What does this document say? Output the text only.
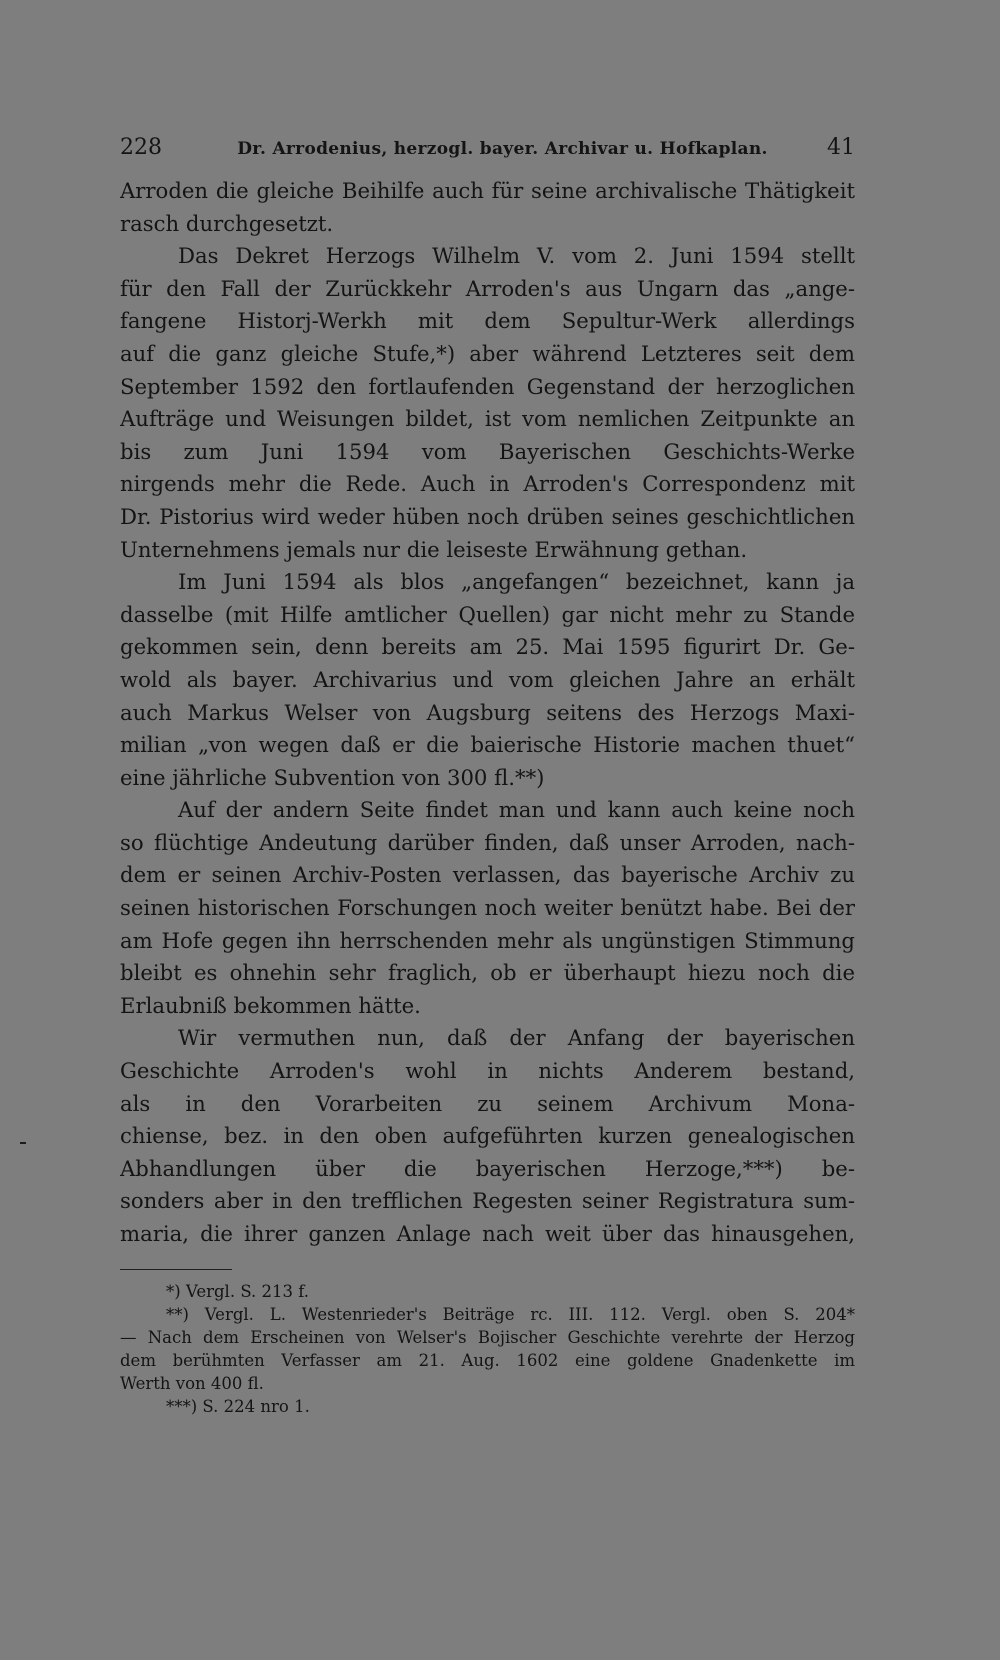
228	Dr. Arrodenius, herzogl. bayer. Archivar u. Hofkaplan.	41
Arroden die gleiche Beihilfe auch für seine archivalische Thätigkeit
rasch durchgesetzt.
Das Dekret Herzogs Wilhelm V. vom 2. Juni 1594 stellt
für den Fall der Zurückkehr Arroden's aus Ungarn das „ange-
fangene Historj-Werkh mit dem Sepultur-Werk allerdings
auf die ganz gleiche Stufe,*) aber während Letzteres seit dem
September 1592 den fortlaufenden Gegenstand der herzoglichen
Aufträge und Weisungen bildet, ist vom nemlichen Zeitpunkte an
bis zum Juni 1594 vom Bayerischen Geschichts-Werke
nirgends mehr die Rede. Auch in Arroden's Correspondenz mit
Dr. Pistorius wird weder hüben noch drüben seines geschichtlichen
Unternehmens jemals nur die leiseste Erwähnung gethan.
Im Juni 1594 als blos „angefangen“ bezeichnet, kann ja
dasselbe (mit Hilfe amtlicher Quellen) gar nicht mehr zu Stande
gekommen sein, denn bereits am 25. Mai 1595 figurirt Dr. Ge-
wold als bayer. Archivarius und vom gleichen Jahre an erhält
auch Markus Welser von Augsburg seitens des Herzogs Maxi-
milian „von wegen daß er die baierische Historie machen thuet“
eine jährliche Subvention von 300 fl.**)
Auf der andern Seite findet man und kann auch keine noch
so flüchtige Andeutung darüber finden, daß unser Arroden, nach-
dem er seinen Archiv-Posten verlassen, das bayerische Archiv zu
seinen historischen Forschungen noch weiter benützt habe. Bei der
am Hofe gegen ihn herrschenden mehr als ungünstigen Stimmung
bleibt es ohnehin sehr fraglich, ob er überhaupt hiezu noch die
Erlaubniß bekommen hätte.
Wir vermuthen nun, daß der Anfang der bayerischen
Geschichte Arroden's wohl in nichts Anderem bestand,
als in den Vorarbeiten zu seinem Archivum Mona-
chiense, bez. in den oben aufgeführten kurzen genealogischen
Abhandlungen über die bayerischen Herzoge,***) be-
sonders aber in den trefflichen Regesten seiner Registratura sum-
maria, die ihrer ganzen Anlage nach weit über das hinausgehen,
*) Vergl. S. 213 f.
**) Vergl. L. Westenrieder's Beiträge rc. III. 112. Vergl. oben S. 204*
— Nach dem Erscheinen von Welser's Bojischer Geschichte verehrte der Herzog
dem berühmten Verfasser am 21. Aug. 1602 eine goldene Gnadenkette im
Werth von 400 fl.
***) S. 224 nro 1.
